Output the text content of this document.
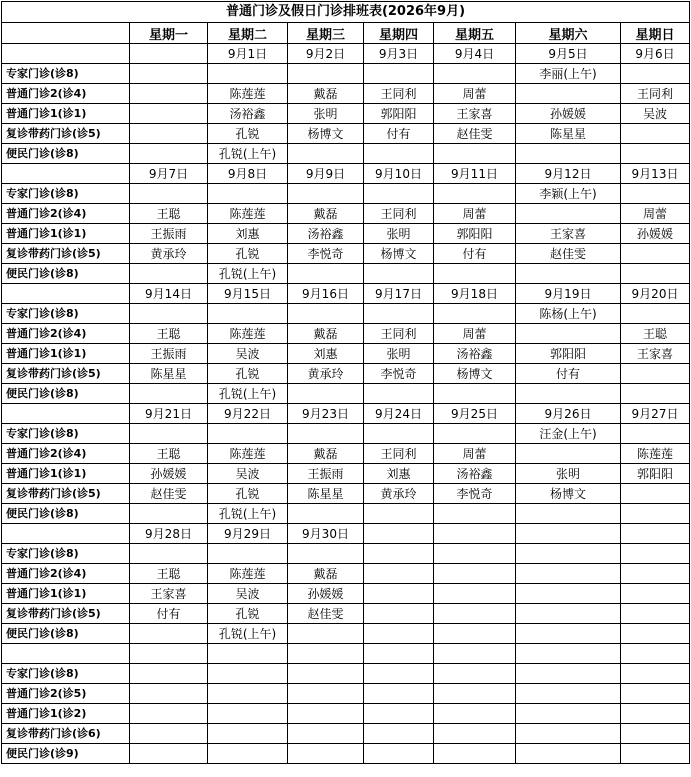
普通门诊及假日门诊排班表(2026年9月)							
	星期一	星期二	星期三	星期四	星期五	星期六	星期日
		9月1日	9月2日	9月3日	9月4日	9月5日	9月6日
专家门诊(诊8)						李丽(上午)	
普通门诊2(诊4)		陈莲莲	戴磊	王同利	周蕾		王同利
普通门诊1(诊1)		汤裕鑫	张明	郭阳阳	王家喜	孙媛媛	吴波
复诊带药门诊(诊5)		孔锐	杨博文	付有	赵佳雯	陈星星	
便民门诊(诊8)		孔锐(上午)					
	9月7日	9月8日	9月9日	9月10日	9月11日	9月12日	9月13日
专家门诊(诊8)						李颖(上午)	
普通门诊2(诊4)	王聪	陈莲莲	戴磊	王同利	周蕾		周蕾
普通门诊1(诊1)	王振雨	刘惠	汤裕鑫	张明	郭阳阳	王家喜	孙媛媛
复诊带药门诊(诊5)	黄承玲	孔锐	李悦奇	杨博文	付有	赵佳雯	
便民门诊(诊8)		孔锐(上午)					
	9月14日	9月15日	9月16日	9月17日	9月18日	9月19日	9月20日
专家门诊(诊8)						陈杨(上午)	
普通门诊2(诊4)	王聪	陈莲莲	戴磊	王同利	周蕾		王聪
普通门诊1(诊1)	王振雨	吴波	刘惠	张明	汤裕鑫	郭阳阳	王家喜
复诊带药门诊(诊5)	陈星星	孔锐	黄承玲	李悦奇	杨博文	付有	
便民门诊(诊8)		孔锐(上午)					
	9月21日	9月22日	9月23日	9月24日	9月25日	9月26日	9月27日
专家门诊(诊8)						汪金(上午)	
普通门诊2(诊4)	王聪	陈莲莲	戴磊	王同利	周蕾		陈莲莲
普通门诊1(诊1)	孙媛媛	吴波	王振雨	刘惠	汤裕鑫	张明	郭阳阳
复诊带药门诊(诊5)	赵佳雯	孔锐	陈星星	黄承玲	李悦奇	杨博文	
便民门诊(诊8)		孔锐(上午)					
	9月28日	9月29日	9月30日				
专家门诊(诊8)							
普通门诊2(诊4)	王聪	陈莲莲	戴磊				
普通门诊1(诊1)	王家喜	吴波	孙媛媛				
复诊带药门诊(诊5)	付有	孔锐	赵佳雯				
便民门诊(诊8)		孔锐(上午)					

专家门诊(诊8)							
普通门诊2(诊5)							
普通门诊1(诊2)							
复诊带药门诊(诊6)							
便民门诊(诊9)							
